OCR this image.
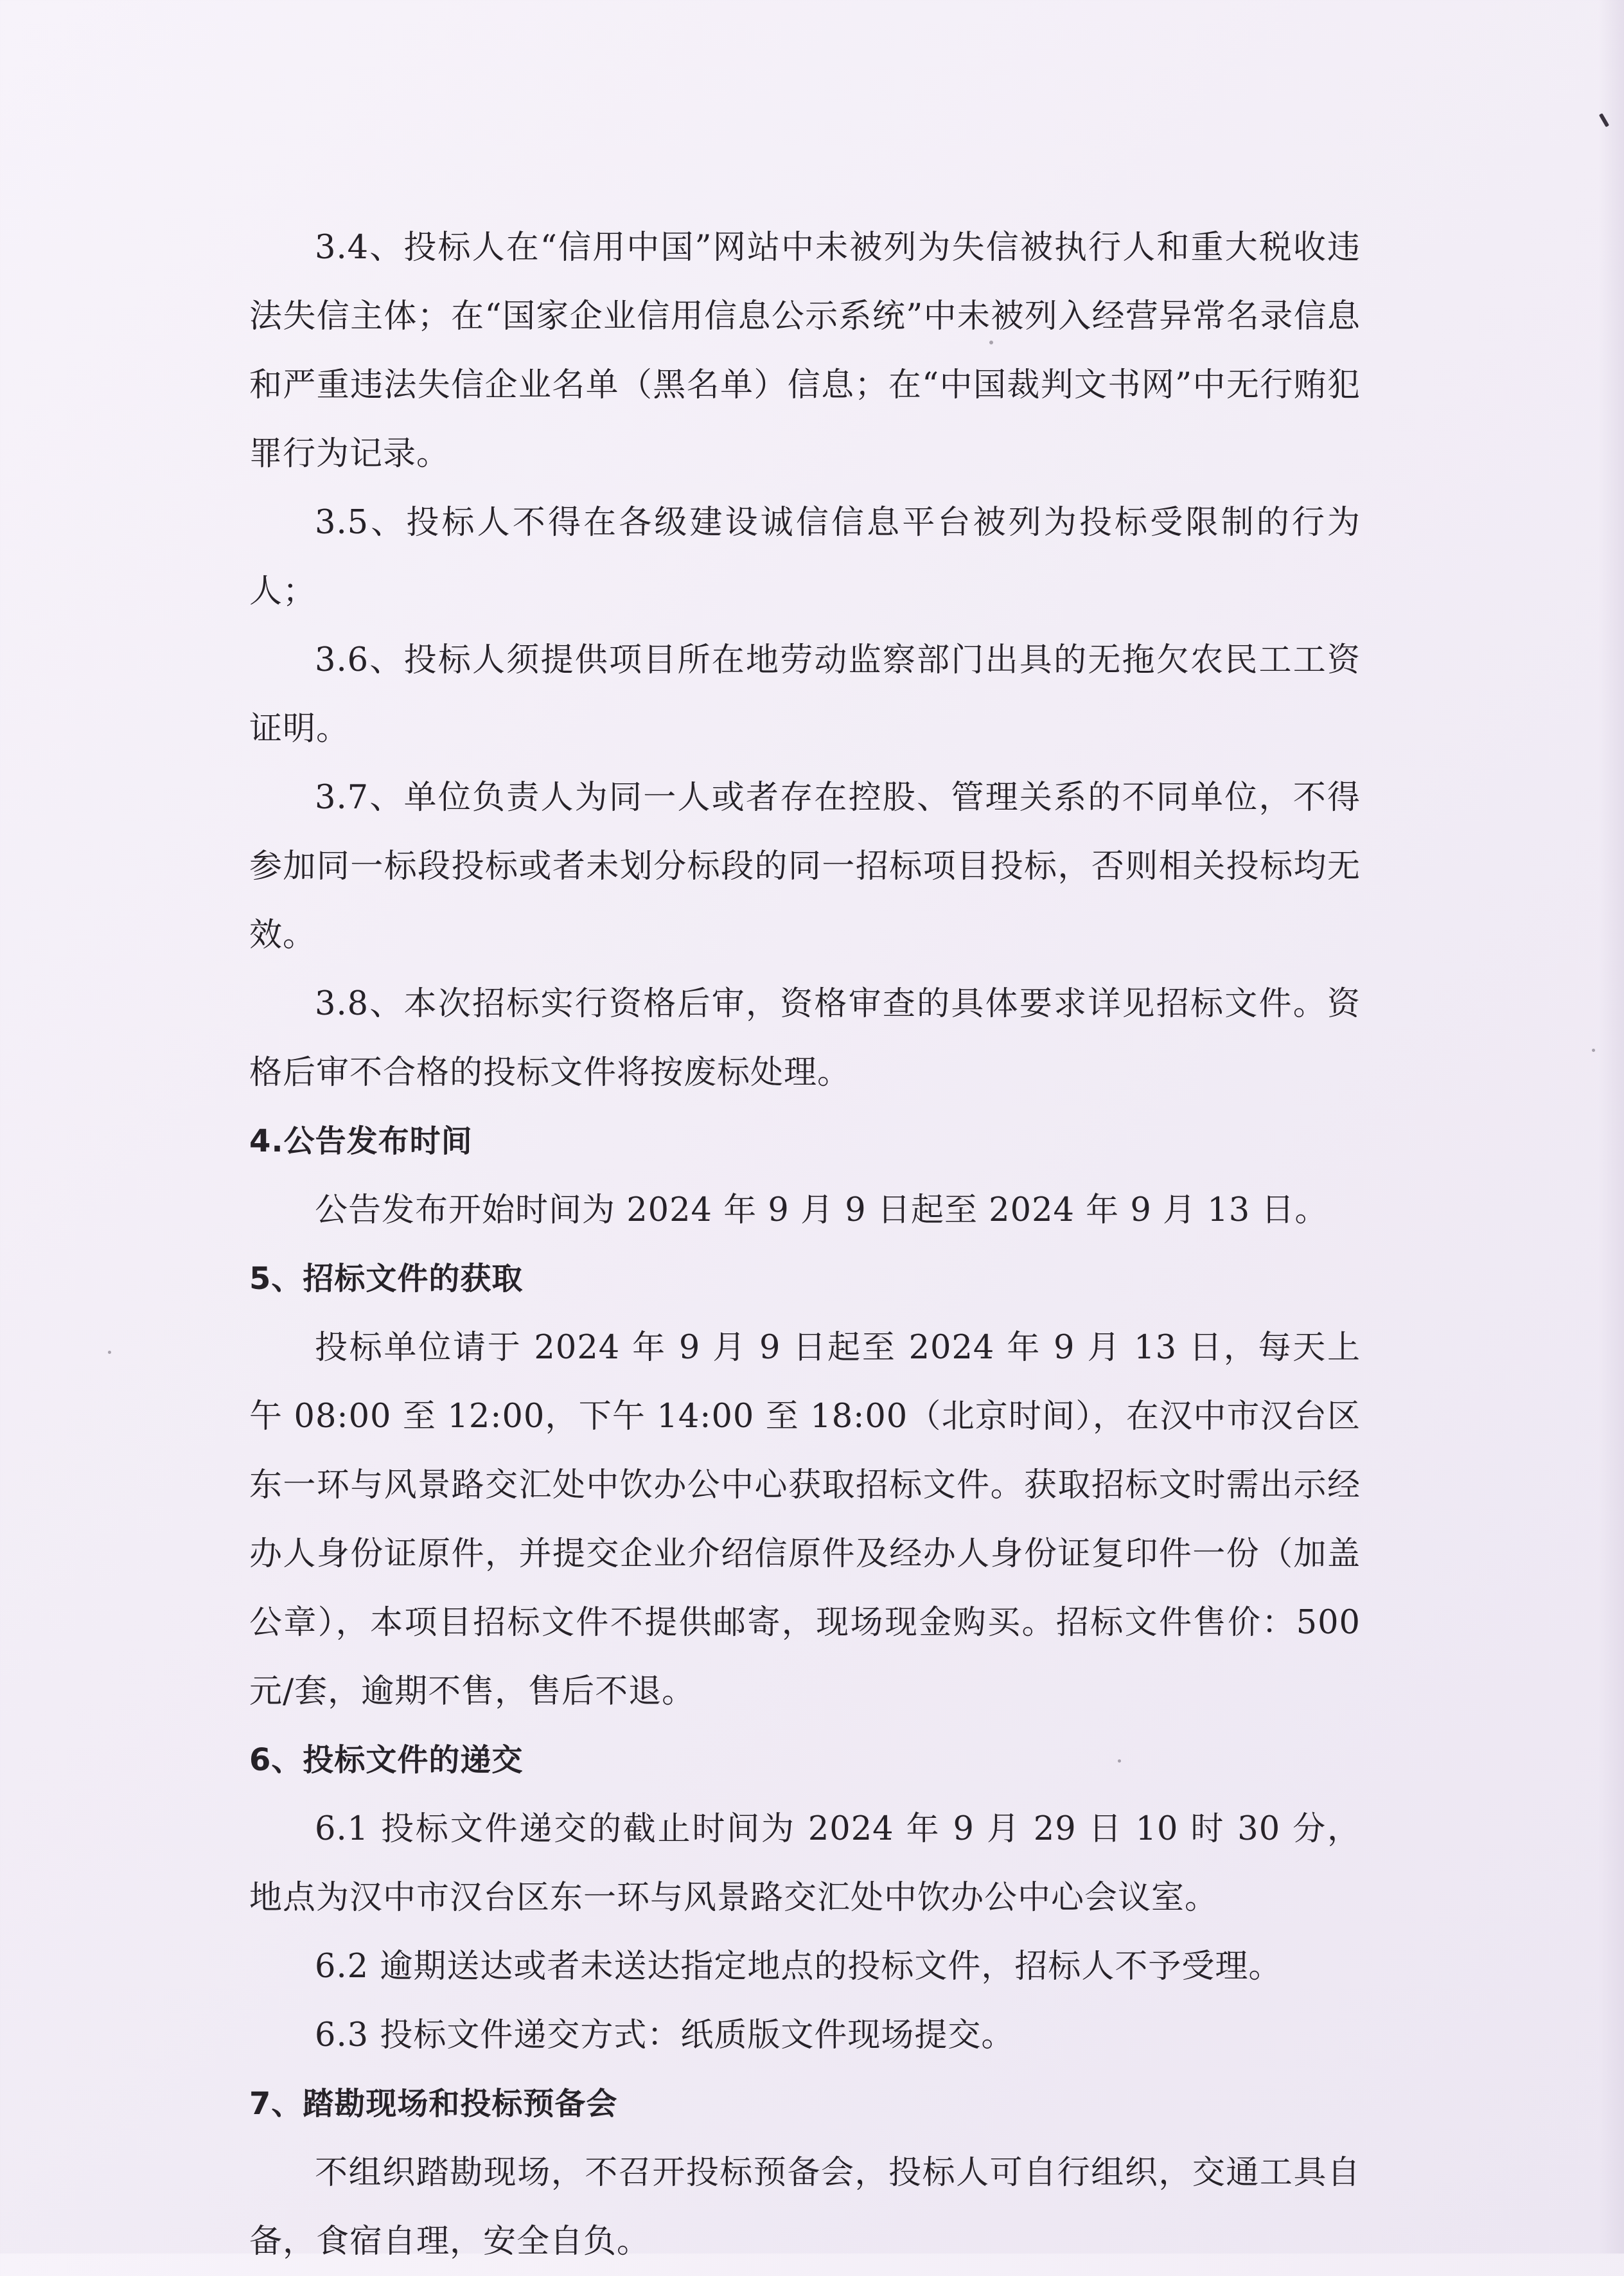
3.4、投标人在“信用中国”网站中未被列为失信被执行人和重大税收违法失信主体；在“国家企业信用信息公示系统”中未被列入经营异常名录信息和严重违法失信企业名单（黑名单）信息；在“中国裁判文书网”中无行贿犯罪行为记录。

3.5、投标人不得在各级建设诚信信息平台被列为投标受限制的行为人；

3.6、投标人须提供项目所在地劳动监察部门出具的无拖欠农民工工资证明。

3.7、单位负责人为同一人或者存在控股、管理关系的不同单位，不得参加同一标段投标或者未划分标段的同一招标项目投标，否则相关投标均无效。

3.8、本次招标实行资格后审，资格审查的具体要求详见招标文件。资格后审不合格的投标文件将按废标处理。

4.公告发布时间

公告发布开始时间为 2024 年 9 月 9 日起至 2024 年 9 月 13 日。

5、招标文件的获取

投标单位请于 2024 年 9 月 9 日起至 2024 年 9 月 13 日，每天上午 08:00 至 12:00，下午 14:00 至 18:00（北京时间），在汉中市汉台区东一环与风景路交汇处中饮办公中心获取招标文件。获取招标文时需出示经办人身份证原件，并提交企业介绍信原件及经办人身份证复印件一份（加盖公章），本项目招标文件不提供邮寄，现场现金购买。招标文件售价：500 元/套，逾期不售，售后不退。

6、投标文件的递交

6.1 投标文件递交的截止时间为 2024 年 9 月 29 日 10 时 30 分，地点为汉中市汉台区东一环与风景路交汇处中饮办公中心会议室。

6.2 逾期送达或者未送达指定地点的投标文件，招标人不予受理。

6.3 投标文件递交方式：纸质版文件现场提交。

7、踏勘现场和投标预备会

不组织踏勘现场，不召开投标预备会，投标人可自行组织，交通工具自备，食宿自理，安全自负。
